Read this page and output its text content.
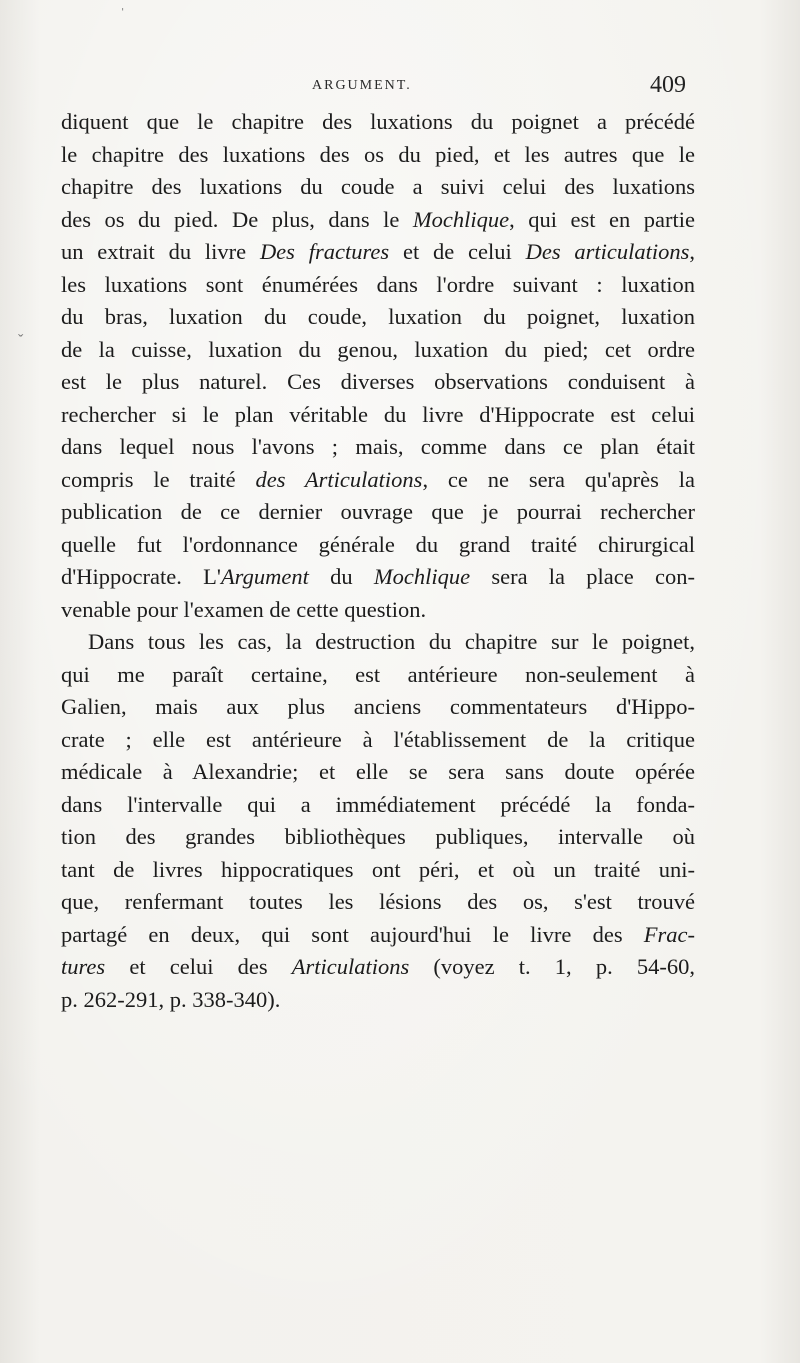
ˈ
ˬ
ARGUMENT.	409
diquent que le chapitre des luxations du poignet a précédé
le chapitre des luxations des os du pied, et les autres que le
chapitre des luxations du coude a suivi celui des luxations
des os du pied. De plus, dans le Mochlique, qui est en partie
un extrait du livre Des fractures et de celui Des articulations,
les luxations sont énumérées dans l'ordre suivant : luxation
du bras, luxation du coude, luxation du poignet, luxation
de la cuisse, luxation du genou, luxation du pied; cet ordre
est le plus naturel. Ces diverses observations conduisent à
rechercher si le plan véritable du livre d'Hippocrate est celui
dans lequel nous l'avons ; mais, comme dans ce plan était
compris le traité des Articulations, ce ne sera qu'après la
publication de ce dernier ouvrage que je pourrai rechercher
quelle fut l'ordonnance générale du grand traité chirurgical
d'Hippocrate. L'Argument du Mochlique sera la place con-
venable pour l'examen de cette question.
Dans tous les cas, la destruction du chapitre sur le poignet,
qui me paraît certaine, est antérieure non-seulement à
Galien, mais aux plus anciens commentateurs d'Hippo-
crate ; elle est antérieure à l'établissement de la critique
médicale à Alexandrie; et elle se sera sans doute opérée
dans l'intervalle qui a immédiatement précédé la fonda-
tion des grandes bibliothèques publiques, intervalle où
tant de livres hippocratiques ont péri, et où un traité uni-
que, renfermant toutes les lésions des os, s'est trouvé
partagé en deux, qui sont aujourd'hui le livre des Frac-
tures et celui des Articulations (voyez t. 1, p. 54-60,
p. 262-291, p. 338-340).
